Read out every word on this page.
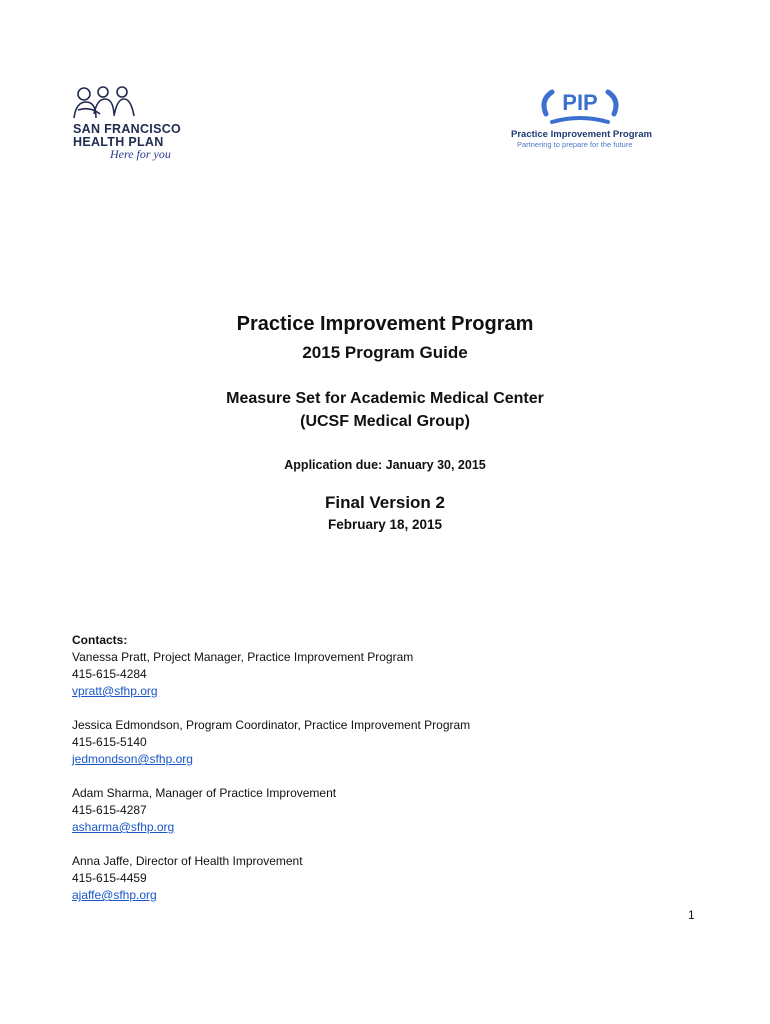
SAN FRANCISCO
HEALTH PLAN
Here for you
PIP
Practice Improvement Program
Partnering to prepare for the future
Practice Improvement Program
2015 Program Guide
Measure Set for Academic Medical Center
(UCSF Medical Group)
Application due: January 30, 2015
Final Version 2
February 18, 2015
Contacts:
Vanessa Pratt, Project Manager, Practice Improvement Program
415-615-4284
vpratt@sfhp.org
Jessica Edmondson, Program Coordinator, Practice Improvement Program
415-615-5140
jedmondson@sfhp.org
Adam Sharma, Manager of Practice Improvement
415-615-4287
asharma@sfhp.org
Anna Jaffe, Director of Health Improvement
415-615-4459
ajaffe@sfhp.org
1
